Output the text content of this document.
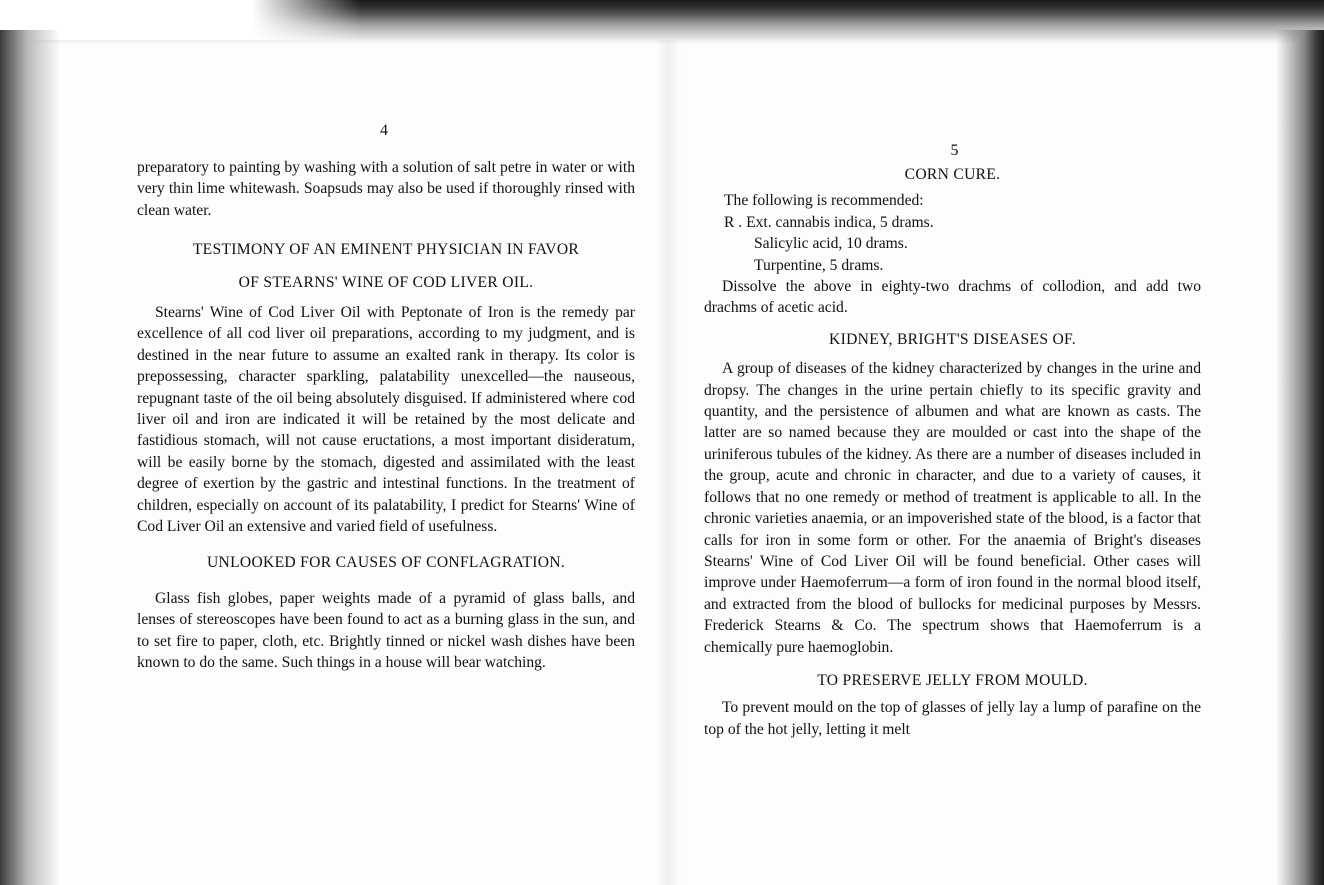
4

preparatory to painting by washing with a solution of salt petre in water or with very thin lime whitewash. Soapsuds may also be used if thoroughly rinsed with clean water.

TESTIMONY OF AN EMINENT PHYSICIAN IN FAVOR
OF STEARNS' WINE OF COD LIVER OIL.

Stearns' Wine of Cod Liver Oil with Peptonate of Iron is the remedy par excellence of all cod liver oil preparations, according to my judgment, and is destined in the near future to assume an exalted rank in therapy. Its color is prepossessing, character sparkling, palatability unexcelled—the nauseous, repugnant taste of the oil being absolutely disguised. If administered where cod liver oil and iron are indicated it will be retained by the most delicate and fastidious stomach, will not cause eructations, a most important disideratum, will be easily borne by the stomach, digested and assimilated with the least degree of exertion by the gastric and intestinal functions. In the treatment of children, especially on account of its palatability, I predict for Stearns' Wine of Cod Liver Oil an extensive and varied field of usefulness.

UNLOOKED FOR CAUSES OF CONFLAGRATION.

Glass fish globes, paper weights made of a pyramid of glass balls, and lenses of stereoscopes have been found to act as a burning glass in the sun, and to set fire to paper, cloth, etc. Brightly tinned or nickel wash dishes have been known to do the same. Such things in a house will bear watching.

5
CORN CURE.

The following is recommended:

R . Ext. cannabis indica, 5 drams.

Salicylic acid, 10 drams.

Turpentine, 5 drams.

Dissolve the above in eighty-two drachms of collodion, and add two drachms of acetic acid.

KIDNEY, BRIGHT'S DISEASES OF.

A group of diseases of the kidney characterized by changes in the urine and dropsy. The changes in the urine pertain chiefly to its specific gravity and quantity, and the persistence of albumen and what are known as casts. The latter are so named because they are moulded or cast into the shape of the uriniferous tubules of the kidney. As there are a number of diseases included in the group, acute and chronic in character, and due to a variety of causes, it follows that no one remedy or method of treatment is applicable to all. In the chronic varieties anaemia, or an impoverished state of the blood, is a factor that calls for iron in some form or other. For the anaemia of Bright's diseases Stearns' Wine of Cod Liver Oil will be found beneficial. Other cases will improve under Haemoferrum—a form of iron found in the normal blood itself, and extracted from the blood of bullocks for medicinal purposes by Messrs. Frederick Stearns & Co. The spectrum shows that Haemoferrum is a chemically pure haemoglobin.

TO PRESERVE JELLY FROM MOULD.

To prevent mould on the top of glasses of jelly lay a lump of parafine on the top of the hot jelly, letting it melt
